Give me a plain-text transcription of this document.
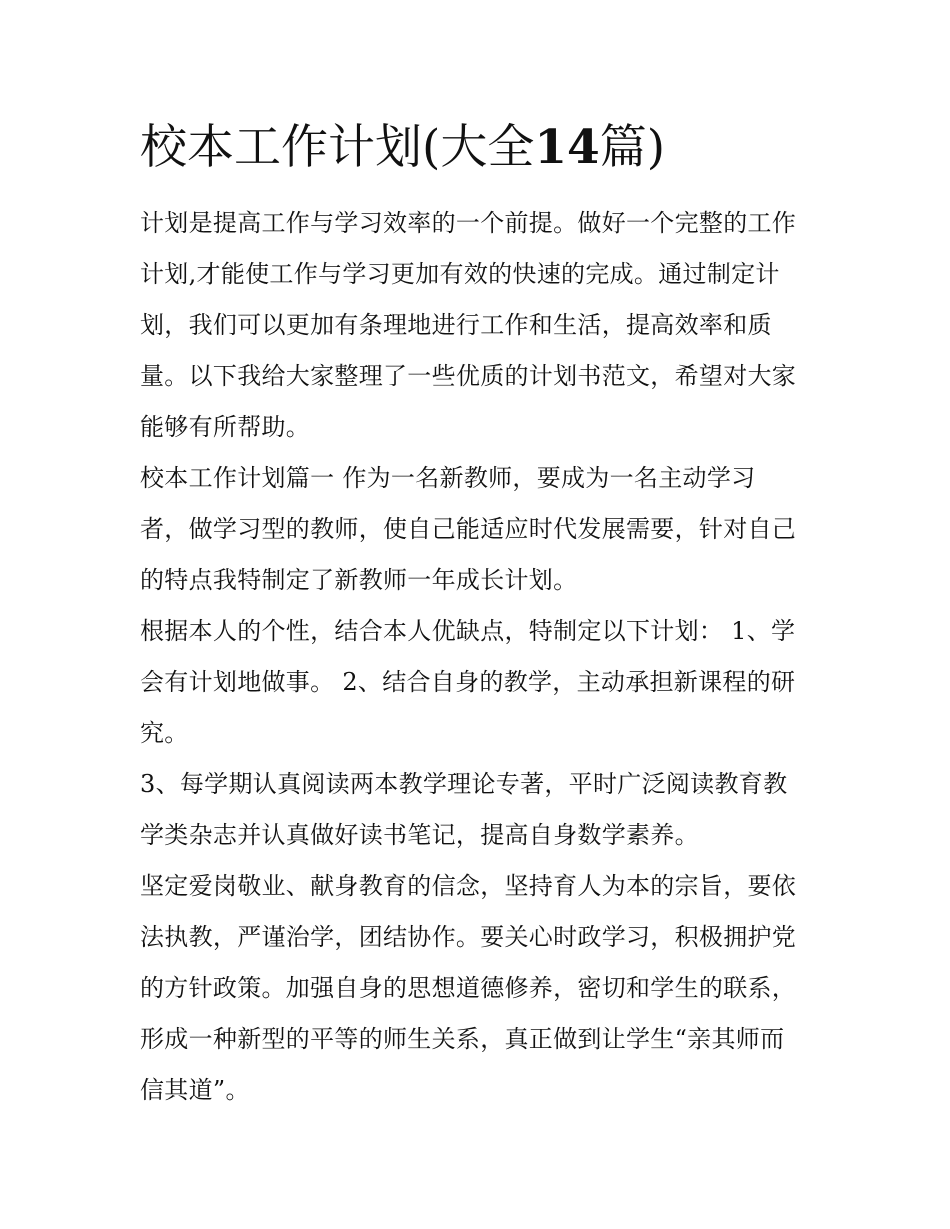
校本工作计划(大全14篇)
计划是提高工作与学习效率的一个前提。做好一个完整的工作
计划,才能使工作与学习更加有效的快速的完成。通过制定计
划，我们可以更加有条理地进行工作和生活，提高效率和质
量。以下我给大家整理了一些优质的计划书范文，希望对大家
能够有所帮助。
校本工作计划篇一 作为一名新教师，要成为一名主动学习
者，做学习型的教师，使自己能适应时代发展需要，针对自己
的特点我特制定了新教师一年成长计划。
根据本人的个性，结合本人优缺点，特制定以下计划： 1、学
会有计划地做事。 2、结合自身的教学，主动承担新课程的研
究。
3、每学期认真阅读两本教学理论专著，平时广泛阅读教育教
学类杂志并认真做好读书笔记，提高自身数学素养。
坚定爱岗敬业、献身教育的信念，坚持育人为本的宗旨，要依
法执教，严谨治学，团结协作。要关心时政学习，积极拥护党
的方针政策。加强自身的思想道德修养，密切和学生的联系，
形成一种新型的平等的师生关系，真正做到让学生“亲其师而
信其道”。
